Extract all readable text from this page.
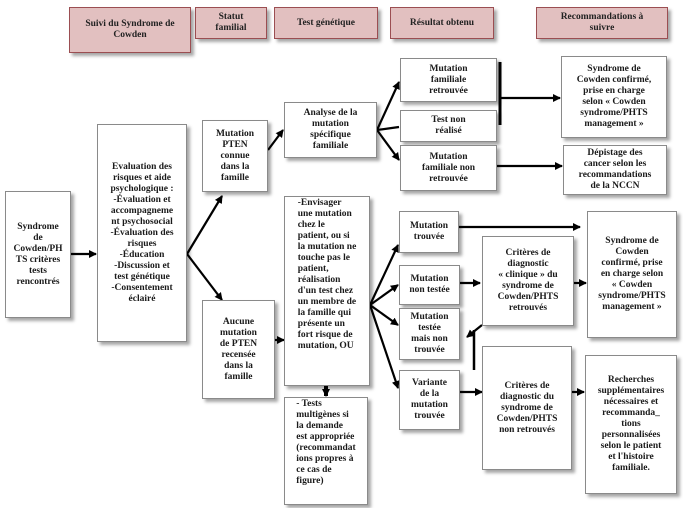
Suivi du Syndrome de
Cowden
Statut
familial
Test génétique	Résultat obtenu
Recommandations à
suivre
Syndrome
de
Cowden/PH
TS critères
tests
rencontrés
Evaluation des
risques et aide
psychologique :
-Évaluation et
accompagneme
nt psychosocial
-Évaluation des
risques
-Éducation
-Discussion et
test génétique
-Consentement
éclairé
Mutation
PTEN
connue
dans la
famille
Aucune
mutation
de PTEN
recensée
dans la
famille
Analyse de la
mutation
spécifique
familiale
-Envisager
une mutation
chez le
patient, ou si
la mutation ne
touche pas le
patient,
réalisation
d'un test chez
un membre de
la famille qui
présente un
fort risque de
mutation, OU
- Tests
multigènes si
la demande
est appropriée
(recommandat
ions propres à
ce cas de
figure)
Mutation
familiale
retrouvée
Test non
réalisé
Mutation
familiale non
retrouvée
Mutation
trouvée
Mutation
non testée
Mutation
testée
mais non
trouvée
Variante
de la
mutation
trouvée
Critères de
diagnostic
« clinique » du
syndrome de
Cowden/PHTS
retrouvés
Critères de
diagnostic du
syndrome de
Cowden/PHTS
non retrouvés
Syndrome de
Cowden confirmé,
prise en charge
selon « Cowden
syndrome/PHTS
management »
Dépistage des
cancer selon les
recommandations
de la NCCN
Syndrome de
Cowden
confirmé, prise
en charge selon
« Cowden
syndrome/PHTS
management »
Recherches
supplémentaires
nécessaires et
recommanda_
tions
personnalisées
selon le patient
et l'histoire
familiale.
